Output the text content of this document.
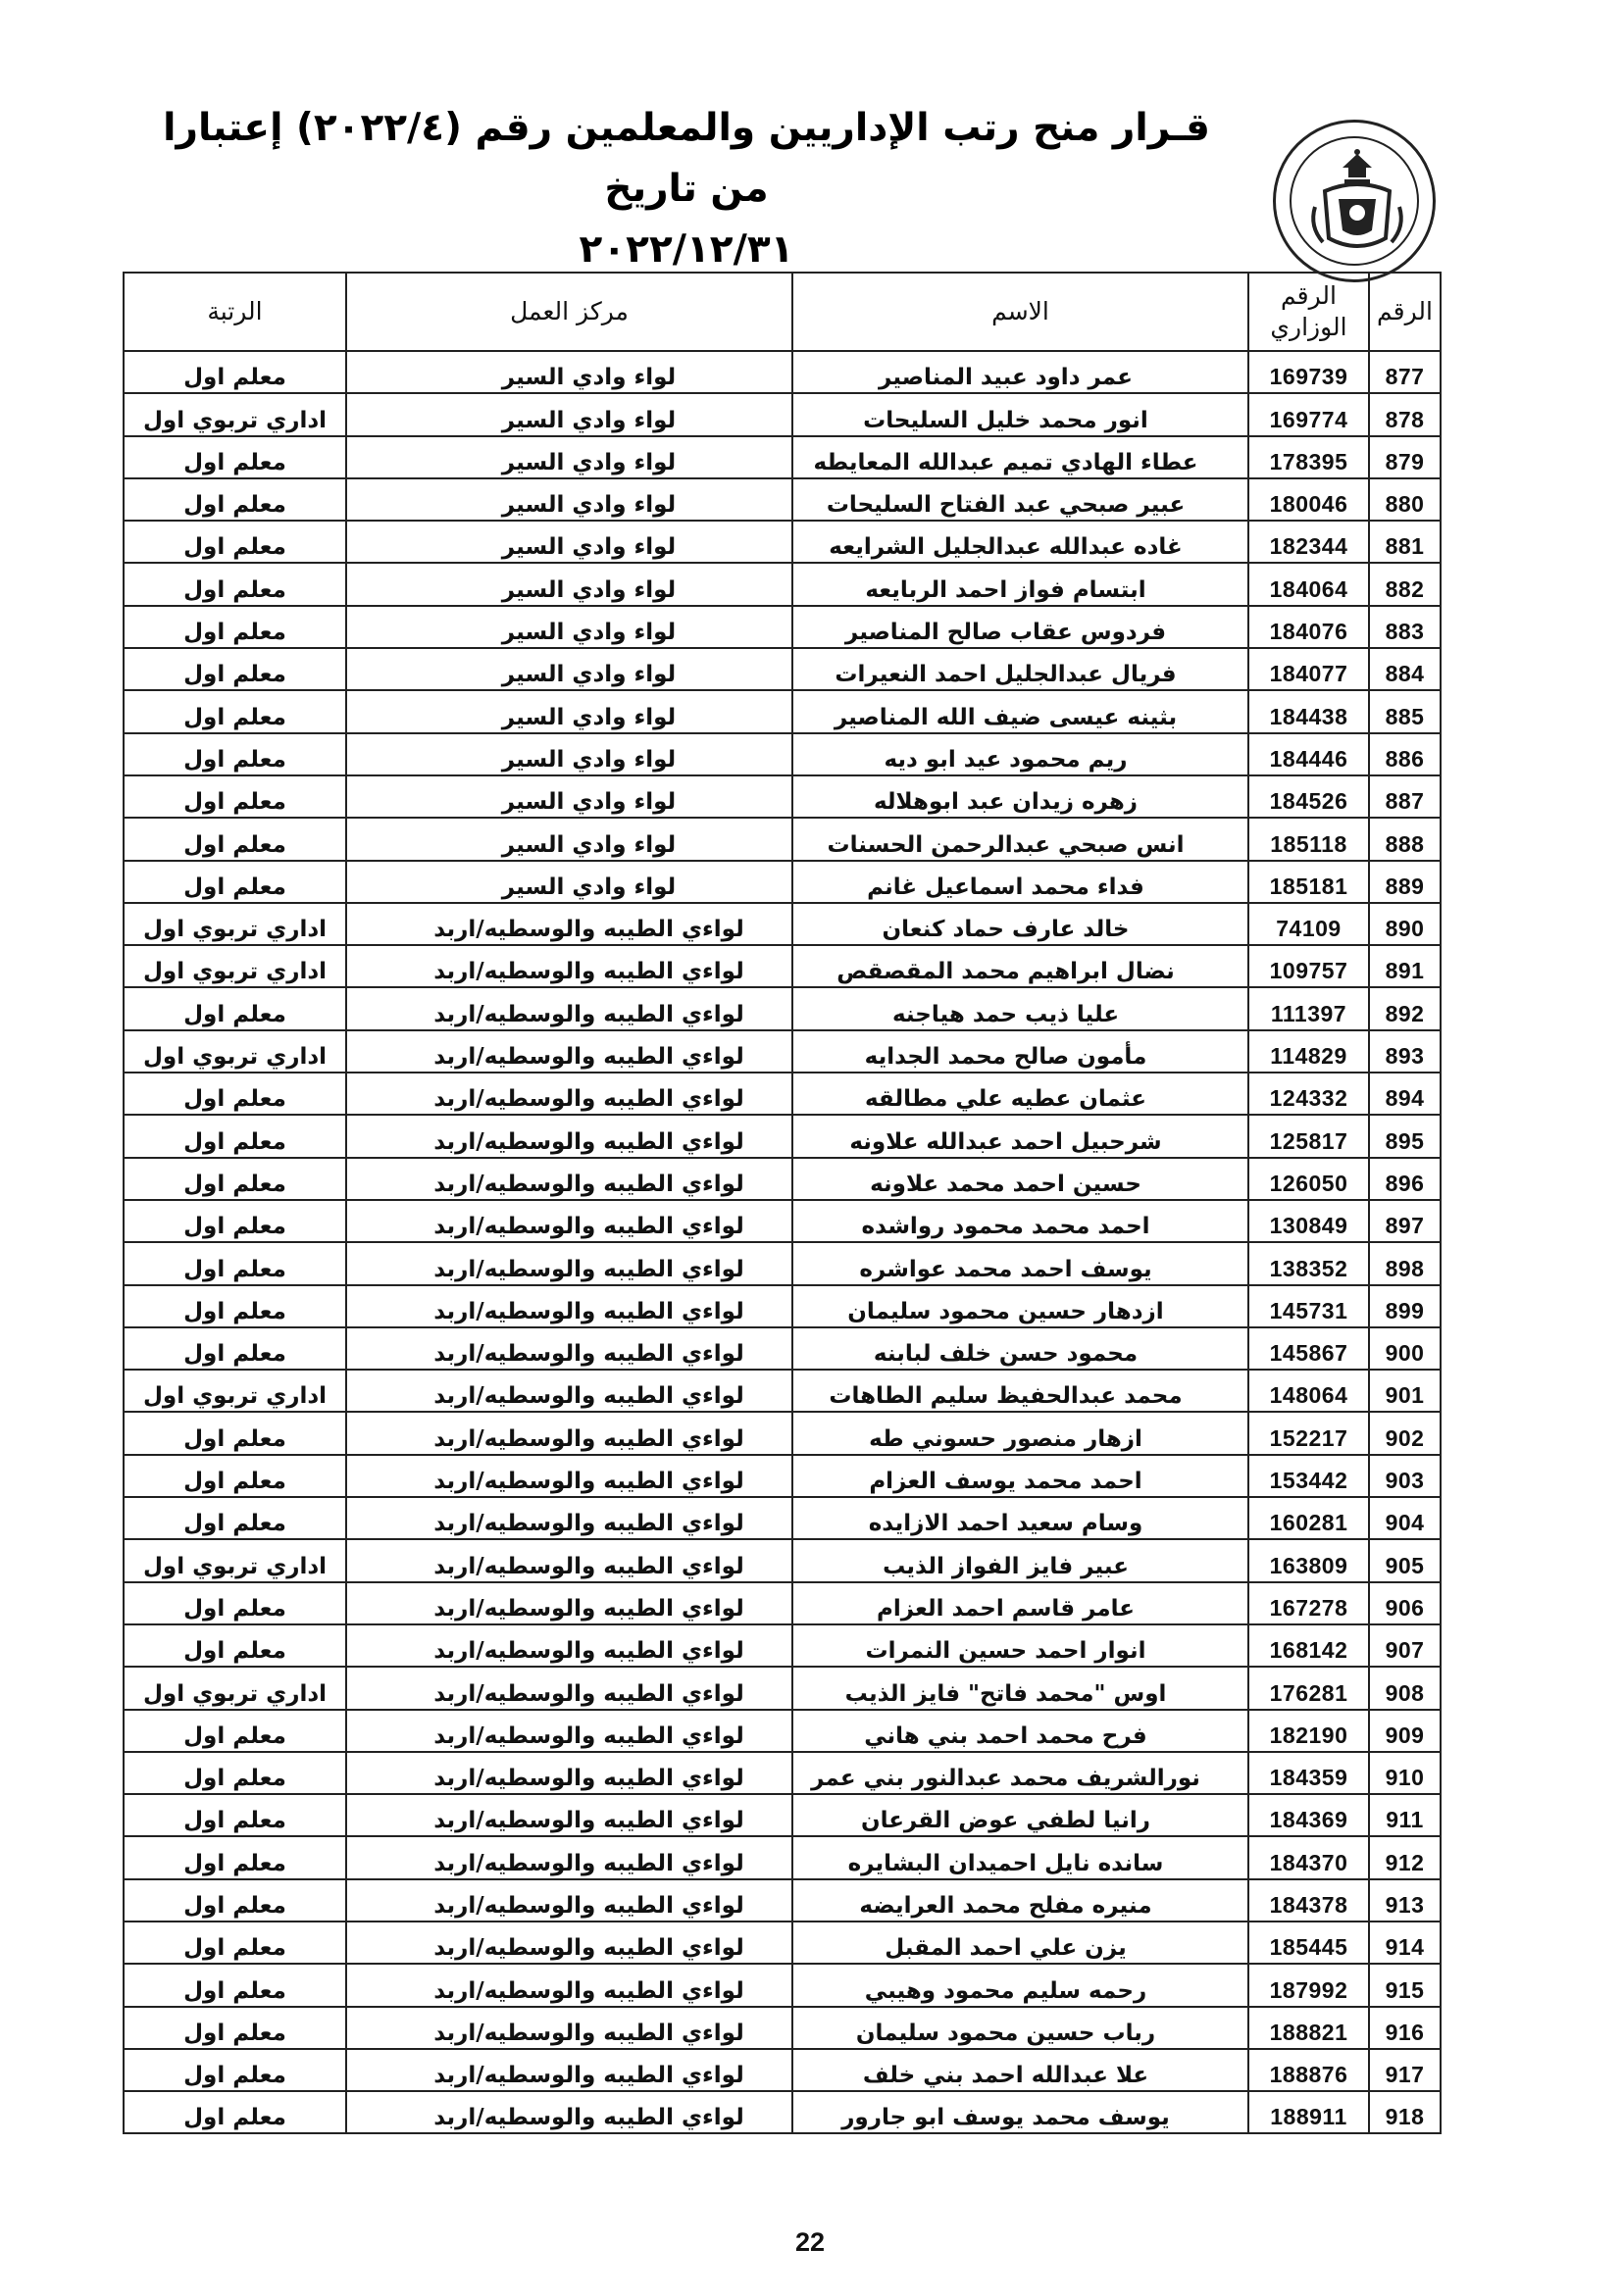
قـرار منح رتب الإداريين والمعلمين رقم (٢٠٢٢/٤) إعتبارا من تاريخ
٢٠٢٢/١٢/٣١
الرقم	الرقم الوزاري	الاسم	مركز العمل	الرتبة
877	169739	عمر داود عبيد المناصير	لواء وادي السير	معلم اول
878	169774	انور محمد خليل السليحات	لواء وادي السير	اداري تربوي اول
879	178395	عطاء الهادي تميم عبدالله المعايطه	لواء وادي السير	معلم اول
880	180046	عبير صبحي عبد الفتاح السليحات	لواء وادي السير	معلم اول
881	182344	غاده عبدالله عبدالجليل الشرايعه	لواء وادي السير	معلم اول
882	184064	ابتسام فواز احمد الربايعه	لواء وادي السير	معلم اول
883	184076	فردوس عقاب صالح المناصير	لواء وادي السير	معلم اول
884	184077	فريال عبدالجليل احمد النعيرات	لواء وادي السير	معلم اول
885	184438	بثينه عيسى ضيف الله المناصير	لواء وادي السير	معلم اول
886	184446	ريم محمود عيد ابو ديه	لواء وادي السير	معلم اول
887	184526	زهره زيدان عبد ابوهلاله	لواء وادي السير	معلم اول
888	185118	انس صبحي عبدالرحمن الحسنات	لواء وادي السير	معلم اول
889	185181	فداء محمد اسماعيل غانم	لواء وادي السير	معلم اول
890	74109	خالد عارف حماد كنعان	لواءي الطيبه والوسطيه/اربد	اداري تربوي اول
891	109757	نضال ابراهيم محمد المقصقص	لواءي الطيبه والوسطيه/اربد	اداري تربوي اول
892	111397	عليا ذيب حمد هياجنه	لواءي الطيبه والوسطيه/اربد	معلم اول
893	114829	مأمون صالح محمد الجدايه	لواءي الطيبه والوسطيه/اربد	اداري تربوي اول
894	124332	عثمان عطيه علي مطالقه	لواءي الطيبه والوسطيه/اربد	معلم اول
895	125817	شرحبيل احمد عبدالله علاونه	لواءي الطيبه والوسطيه/اربد	معلم اول
896	126050	حسين احمد محمد علاونه	لواءي الطيبه والوسطيه/اربد	معلم اول
897	130849	احمد محمد محمود رواشده	لواءي الطيبه والوسطيه/اربد	معلم اول
898	138352	يوسف احمد محمد عواشره	لواءي الطيبه والوسطيه/اربد	معلم اول
899	145731	ازدهار حسين محمود سليمان	لواءي الطيبه والوسطيه/اربد	معلم اول
900	145867	محمود حسن خلف لبابنه	لواءي الطيبه والوسطيه/اربد	معلم اول
901	148064	محمد عبدالحفيظ سليم الطاهات	لواءي الطيبه والوسطيه/اربد	اداري تربوي اول
902	152217	ازهار منصور حسوني طه	لواءي الطيبه والوسطيه/اربد	معلم اول
903	153442	احمد محمد يوسف العزام	لواءي الطيبه والوسطيه/اربد	معلم اول
904	160281	وسام سعيد احمد الازايده	لواءي الطيبه والوسطيه/اربد	معلم اول
905	163809	عبير فايز الفواز الذيب	لواءي الطيبه والوسطيه/اربد	اداري تربوي اول
906	167278	عامر قاسم احمد العزام	لواءي الطيبه والوسطيه/اربد	معلم اول
907	168142	انوار احمد حسين النمرات	لواءي الطيبه والوسطيه/اربد	معلم اول
908	176281	اوس "محمد فاتح" فايز الذيب	لواءي الطيبه والوسطيه/اربد	اداري تربوي اول
909	182190	فرح محمد احمد بني هاني	لواءي الطيبه والوسطيه/اربد	معلم اول
910	184359	نورالشريف محمد عبدالنور بني عمر	لواءي الطيبه والوسطيه/اربد	معلم اول
911	184369	رانيا لطفي عوض القرعان	لواءي الطيبه والوسطيه/اربد	معلم اول
912	184370	سانده نايل احميدان البشايره	لواءي الطيبه والوسطيه/اربد	معلم اول
913	184378	منيره مفلح محمد العرايضه	لواءي الطيبه والوسطيه/اربد	معلم اول
914	185445	يزن علي احمد المقبل	لواءي الطيبه والوسطيه/اربد	معلم اول
915	187992	رحمه سليم محمود وهيبي	لواءي الطيبه والوسطيه/اربد	معلم اول
916	188821	رباب حسين محمود سليمان	لواءي الطيبه والوسطيه/اربد	معلم اول
917	188876	علا عبدالله احمد بني خلف	لواءي الطيبه والوسطيه/اربد	معلم اول
918	188911	يوسف محمد يوسف ابو جارور	لواءي الطيبه والوسطيه/اربد	معلم اول
22
